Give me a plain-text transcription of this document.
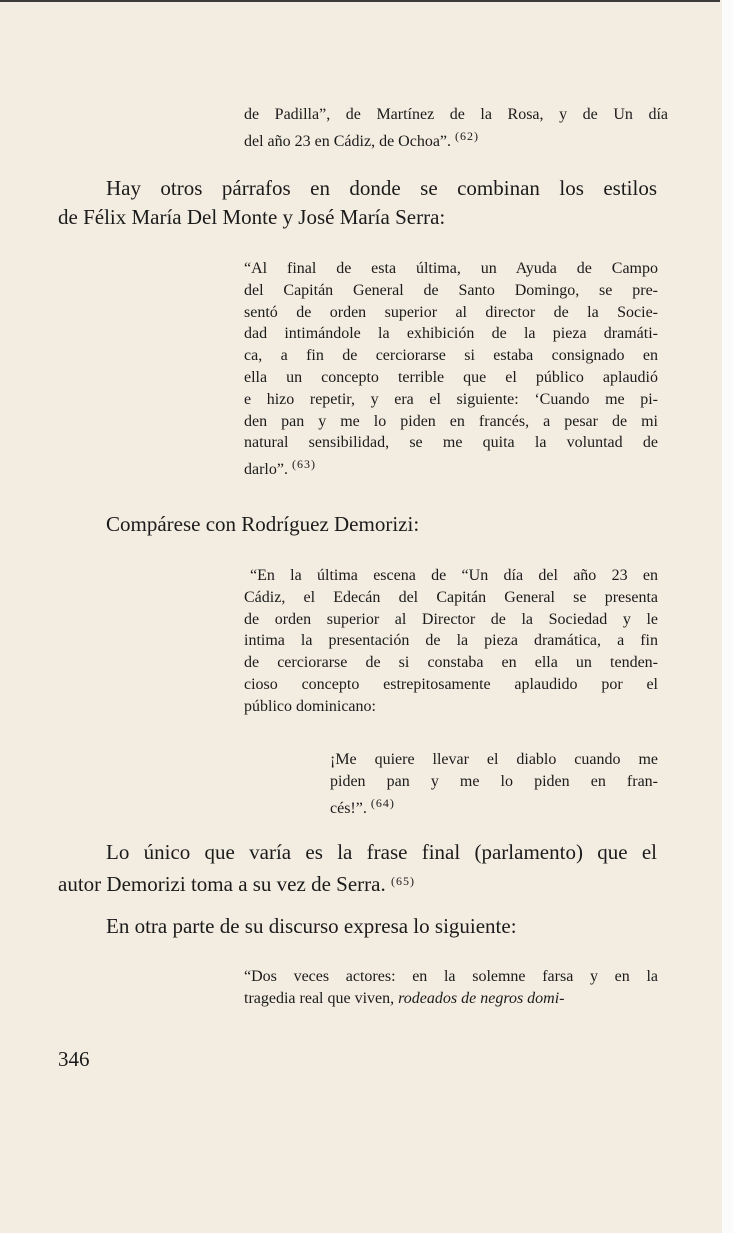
de Padilla”, de Martínez de la Rosa, y de Un día
del año 23 en Cádiz, de Ochoa”. $^{(62)}$
Hay otros párrafos en donde se combinan los estilos
de Félix María Del Monte y José María Serra:
“Al final de esta última, un Ayuda de Campo
del Capitán General de Santo Domingo, se pre-
sentó de orden superior al director de la Socie-
dad intimándole la exhibición de la pieza dramáti-
ca, a fin de cerciorarse si estaba consignado en
ella un concepto terrible que el público aplaudió
e hizo repetir, y era el siguiente: ‘Cuando me pi-
den pan y me lo piden en francés, a pesar de mi
natural sensibilidad, se me quita la voluntad de
darlo”. $^{(63)}$
Compárese con Rodríguez Demorizi:
“En la última escena de “Un día del año 23 en
Cádiz, el Edecán del Capitán General se presenta
de orden superior al Director de la Sociedad y le
intima la presentación de la pieza dramática, a fin
de cerciorarse de si constaba en ella un tenden-
cioso concepto estrepitosamente aplaudido por el
público dominicano:
¡Me quiere llevar el diablo cuando me
piden pan y me lo piden en fran-
cés!”. $^{(64)}$
Lo único que varía es la frase final (parlamento) que el
autor Demorizi toma a su vez de Serra. $^{(65)}$
En otra parte de su discurso expresa lo siguiente:
“Dos veces actores: en la solemne farsa y en la
tragedia real que viven, rodeados de negros domi-
346
